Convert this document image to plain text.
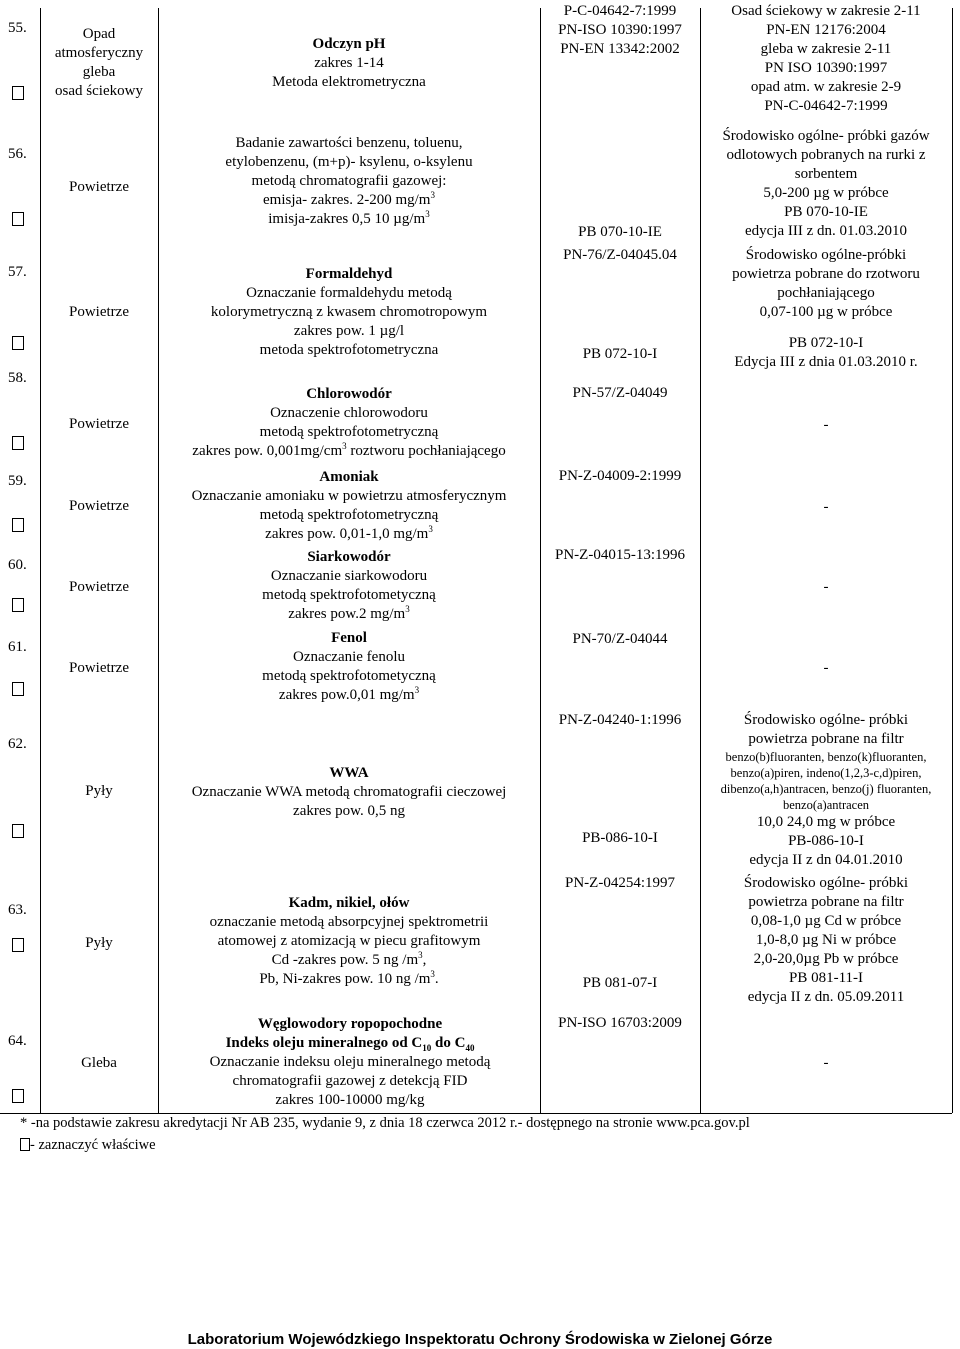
55.
56.
57.
58.
59.
60.
61.
62.
63.
64.
Opad
atmosferyczny
gleba
osad ściekowy
Powietrze
Powietrze
Powietrze
Powietrze
Powietrze
Powietrze
Pyły
Pyły
Gleba
Odczyn pH
zakres 1-14
Metoda elektrometryczna
Badanie zawartości benzenu, toluenu,
etylobenzenu, (m+p)- ksylenu, o-ksylenu
metodą chromatografii gazowej:
emisja- zakres. 2-200 $mg/m^3$
imisja-zakres 0,5 10 $\mu g/m^3$
Formaldehyd
Oznaczanie formaldehydu metodą
kolorymetryczną z kwasem chromotropowym
zakres pow. 1 µg/l
metoda spektrofotometryczna
Chlorowodór
Oznaczenie chlorowodoru
metodą spektrofotometryczną
zakres pow. $0,001mg/cm^3$ roztworu pochłaniającego
Amoniak
Oznaczanie amoniaku w powietrzu atmosferycznym
metodą spektrofotometryczną
zakres pow. 0,01-1,0 $mg/m^3$
Siarkowodór
Oznaczanie siarkowodoru
metodą spektrofotometyczną
zakres pow.2 $mg/m^3$
Fenol
Oznaczanie fenolu
metodą spektrofotometyczną
zakres pow.0,01 $mg/m^3$
WWA
Oznaczanie WWA metodą chromatografii cieczowej
zakres pow. 0,5 ng
Kadm, nikiel, ołów
oznaczanie metodą absorpcyjnej spektrometrii
atomowej z atomizacją w piecu grafitowym
Cd -zakres pow. 5 ng $/m^3$,
Pb, Ni-zakres pow. 10 ng $/m^3$.
Węglowodory ropopochodne
Indeks oleju mineralnego od $C_{10}$ do $C_{40}$
Oznaczanie indeksu oleju mineralnego metodą
chromatografii gazowej z detekcją FID
zakres 100-10000 mg/kg
P-C-04642-7:1999
PN-ISO 10390:1997
PN-EN 13342:2002
PB 070-10-IE
PN-76/Z-04045.04
PB 072-10-I
PN-57/Z-04049
PN-Z-04009-2:1999
PN-Z-04015-13:1996
PN-70/Z-04044
PN-Z-04240-1:1996
PB-086-10-I
PN-Z-04254:1997
PB 081-07-I
PN-ISO 16703:2009
Osad ściekowy w zakresie 2-11
PN-EN 12176:2004
gleba w zakresie 2-11
PN ISO 10390:1997
opad atm. w zakresie 2-9
PN-C-04642-7:1999
Środowisko ogólne- próbki gazów
odlotowych pobranych na rurki z
sorbentem
5,0-200 µg w próbce
PB 070-10-IE
edycja III z dn. 01.03.2010
Środowisko ogólne-próbki
powietrza pobrane do rzotworu
pochłaniającego
0,07-100 µg w próbce
PB 072-10-I
Edycja III z dnia 01.03.2010 r.
-
-
-
-
Środowisko ogólne- próbki
powietrza pobrane na filtr
benzo(b)fluoranten, benzo(k)fluoranten,
benzo(a)piren, indeno(1,2,3-c,d)piren,
dibenzo(a,h)antracen, benzo(j) fluoranten,
benzo(a)antracen
10,0 24,0 mg w próbce
PB-086-10-I
edycja II z dn 04.01.2010
Środowisko ogólne- próbki
powietrza pobrane na filtr
0,08-1,0 µg Cd w próbce
1,0-8,0 µg Ni w próbce
2,0-20,0µg Pb w próbce
PB 081-11-I
edycja II z dn. 05.09.2011
-
* -na podstawie zakresu akredytacji Nr AB 235, wydanie 9, z dnia 18 czerwca 2012 r.- dostępnego na stronie www.pca.gov.pl
- zaznaczyć właściwe
Laboratorium Wojewódzkiego Inspektoratu Ochrony Środowiska w Zielonej Górze
